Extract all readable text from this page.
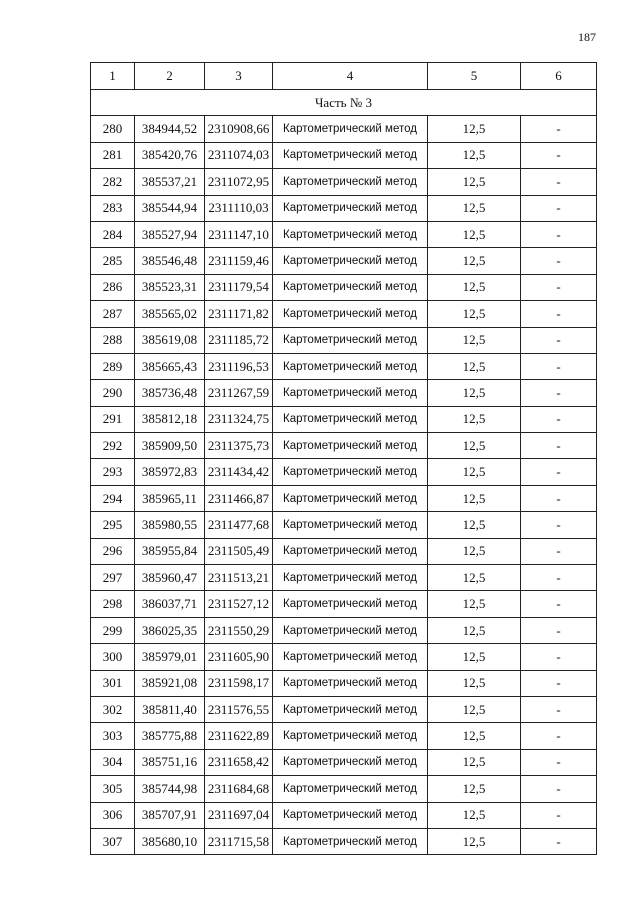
187
1	2	3	4	5	6
Часть № 3					
280	384944,52	2310908,66	Картометрический метод	12,5	-
281	385420,76	2311074,03	Картометрический метод	12,5	-
282	385537,21	2311072,95	Картометрический метод	12,5	-
283	385544,94	2311110,03	Картометрический метод	12,5	-
284	385527,94	2311147,10	Картометрический метод	12,5	-
285	385546,48	2311159,46	Картометрический метод	12,5	-
286	385523,31	2311179,54	Картометрический метод	12,5	-
287	385565,02	2311171,82	Картометрический метод	12,5	-
288	385619,08	2311185,72	Картометрический метод	12,5	-
289	385665,43	2311196,53	Картометрический метод	12,5	-
290	385736,48	2311267,59	Картометрический метод	12,5	-
291	385812,18	2311324,75	Картометрический метод	12,5	-
292	385909,50	2311375,73	Картометрический метод	12,5	-
293	385972,83	2311434,42	Картометрический метод	12,5	-
294	385965,11	2311466,87	Картометрический метод	12,5	-
295	385980,55	2311477,68	Картометрический метод	12,5	-
296	385955,84	2311505,49	Картометрический метод	12,5	-
297	385960,47	2311513,21	Картометрический метод	12,5	-
298	386037,71	2311527,12	Картометрический метод	12,5	-
299	386025,35	2311550,29	Картометрический метод	12,5	-
300	385979,01	2311605,90	Картометрический метод	12,5	-
301	385921,08	2311598,17	Картометрический метод	12,5	-
302	385811,40	2311576,55	Картометрический метод	12,5	-
303	385775,88	2311622,89	Картометрический метод	12,5	-
304	385751,16	2311658,42	Картометрический метод	12,5	-
305	385744,98	2311684,68	Картометрический метод	12,5	-
306	385707,91	2311697,04	Картометрический метод	12,5	-
307	385680,10	2311715,58	Картометрический метод	12,5	-
